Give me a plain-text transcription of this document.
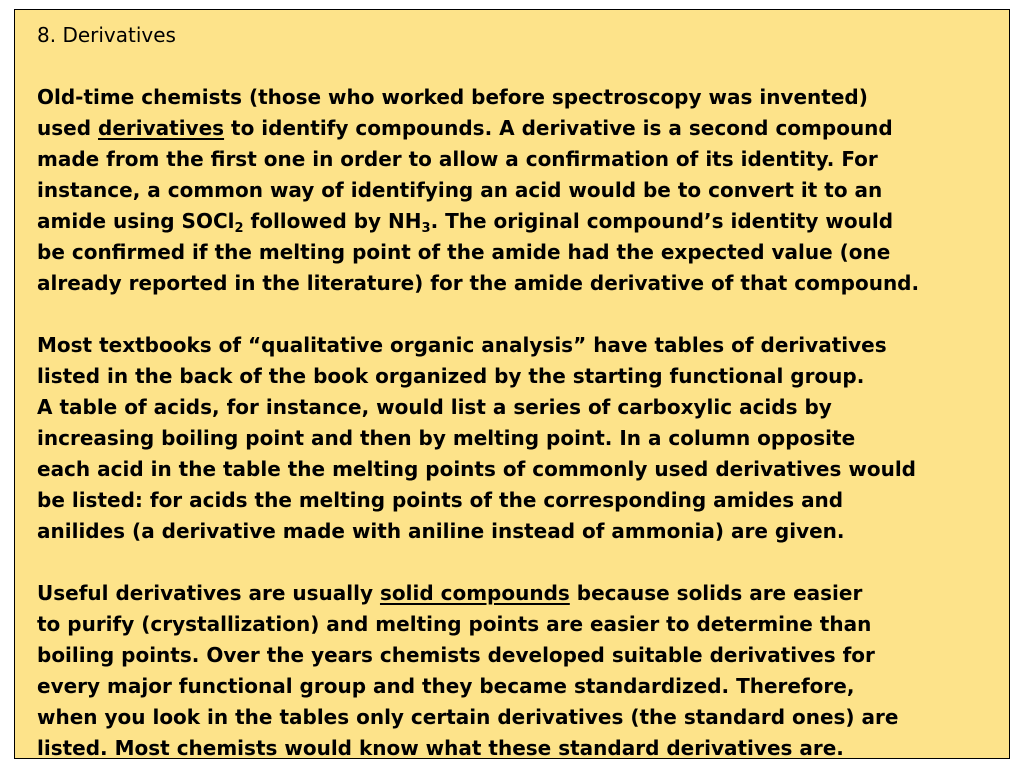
8. Derivatives
Old-time chemists (those who worked before spectroscopy was invented)
used derivatives to identify compounds. A derivative is a second compound
made from the first one in order to allow a confirmation of its identity. For
instance, a common way of identifying an acid would be to convert it to an
amide using SOCl$_2$ followed by $NH_3$. The original compound’s identity would
be confirmed if the melting point of the amide had the expected value (one
already reported in the literature) for the amide derivative of that compound.
Most textbooks of “qualitative organic analysis” have tables of derivatives
listed in the back of the book organized by the starting functional group.
A table of acids, for instance, would list a series of carboxylic acids by
increasing boiling point and then by melting point. In a column opposite
each acid in the table the melting points of commonly used derivatives would
be listed: for acids the melting points of the corresponding amides and
anilides (a derivative made with aniline instead of ammonia) are given.
Useful derivatives are usually solid compounds because solids are easier
to purify (crystallization) and melting points are easier to determine than
boiling points. Over the years chemists developed suitable derivatives for
every major functional group and they became standardized. Therefore,
when you look in the tables only certain derivatives (the standard ones) are
listed. Most chemists would know what these standard derivatives are.
